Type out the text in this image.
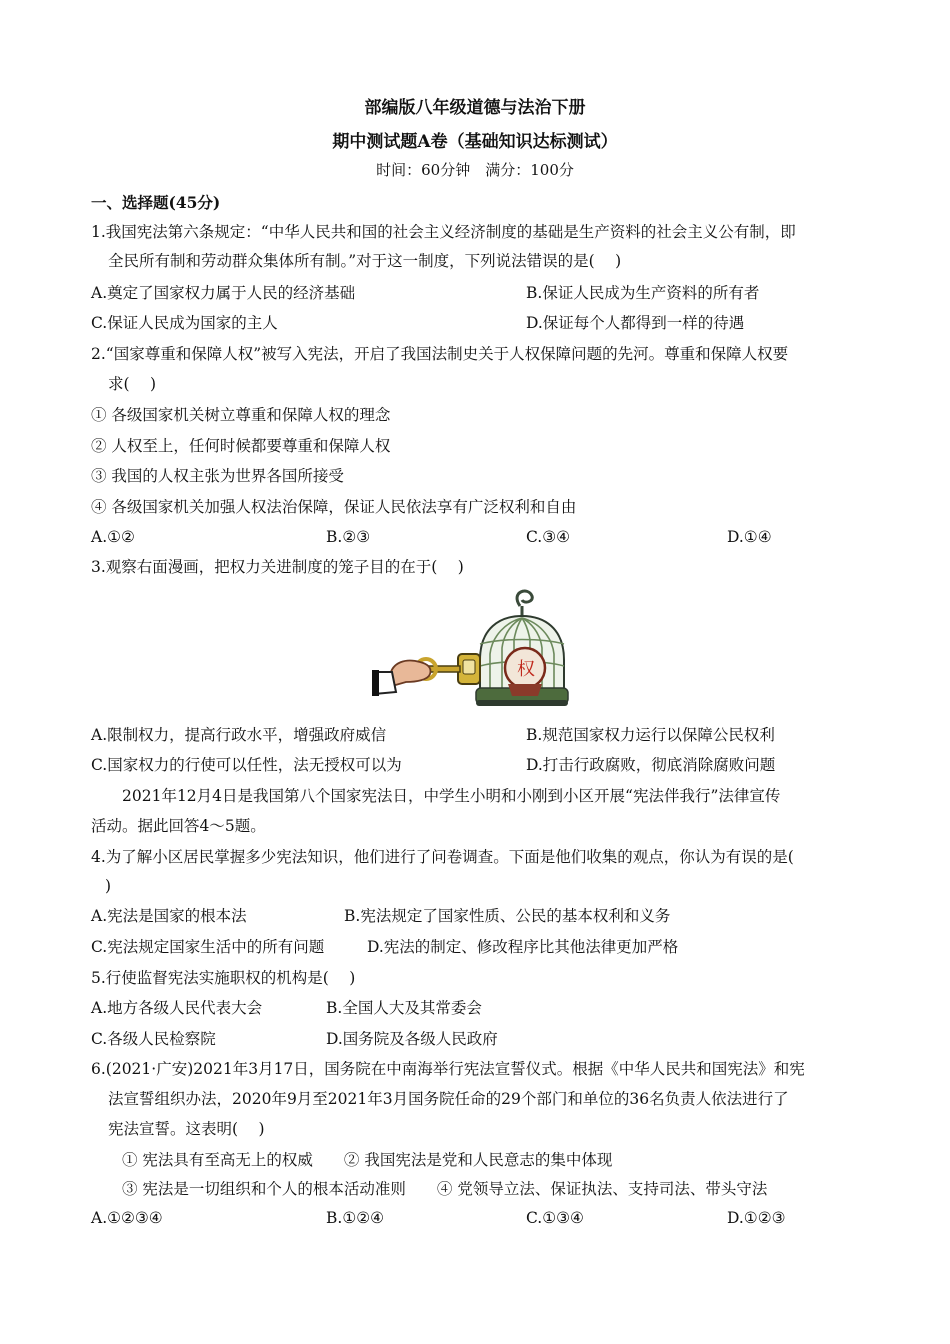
部编版八年级道德与法治下册
期中测试题A卷（基础知识达标测试）
时间：60分钟　满分：100分
一、选择题(45分)
1.我国宪法第六条规定：“中华人民共和国的社会主义经济制度的基础是生产资料的社会主义公有制，即
全民所有制和劳动群众集体所有制。”对于这一制度，下列说法错误的是(　 )
A.奠定了国家权力属于人民的经济基础	B.保证人民成为生产资料的所有者
C.保证人民成为国家的主人	D.保证每个人都得到一样的待遇
2.“国家尊重和保障人权”被写入宪法，开启了我国法制史关于人权保障问题的先河。尊重和保障人权要
求(　 )
① 各级国家机关树立尊重和保障人权的理念
② 人权至上，任何时候都要尊重和保障人权
③ 我国的人权主张为世界各国所接受
④ 各级国家机关加强人权法治保障，保证人民依法享有广泛权利和自由
A.①②	B.②③	C.③④	D.①④
3.观察右面漫画，把权力关进制度的笼子目的在于(　 )
权
A.限制权力，提高行政水平，增强政府威信	B.规范国家权力运行以保障公民权利
C.国家权力的行使可以任性，法无授权可以为	D.打击行政腐败，彻底消除腐败问题
2021年12月4日是我国第八个国家宪法日，中学生小明和小刚到小区开展“宪法伴我行”法律宣传
活动。据此回答4～5题。
4.为了解小区居民掌握多少宪法知识，他们进行了问卷调查。下面是他们收集的观点，你认为有误的是(
)
A.宪法是国家的根本法	B.宪法规定了国家性质、公民的基本权利和义务
C.宪法规定国家生活中的所有问题	D.宪法的制定、修改程序比其他法律更加严格
5.行使监督宪法实施职权的机构是(　 )
A.地方各级人民代表大会	B.全国人大及其常委会
C.各级人民检察院	D.国务院及各级人民政府
6.(2021·广安)2021年3月17日，国务院在中南海举行宪法宣誓仪式。根据《中华人民共和国宪法》和宪
法宣誓组织办法，2020年9月至2021年3月国务院任命的29个部门和单位的36名负责人依法进行了
宪法宣誓。这表明(　 )
① 宪法具有至高无上的权威　　② 我国宪法是党和人民意志的集中体现
③ 宪法是一切组织和个人的根本活动准则　　④ 党领导立法、保证执法、支持司法、带头守法
A.①②③④	B.①②④	C.①③④	D.①②③
